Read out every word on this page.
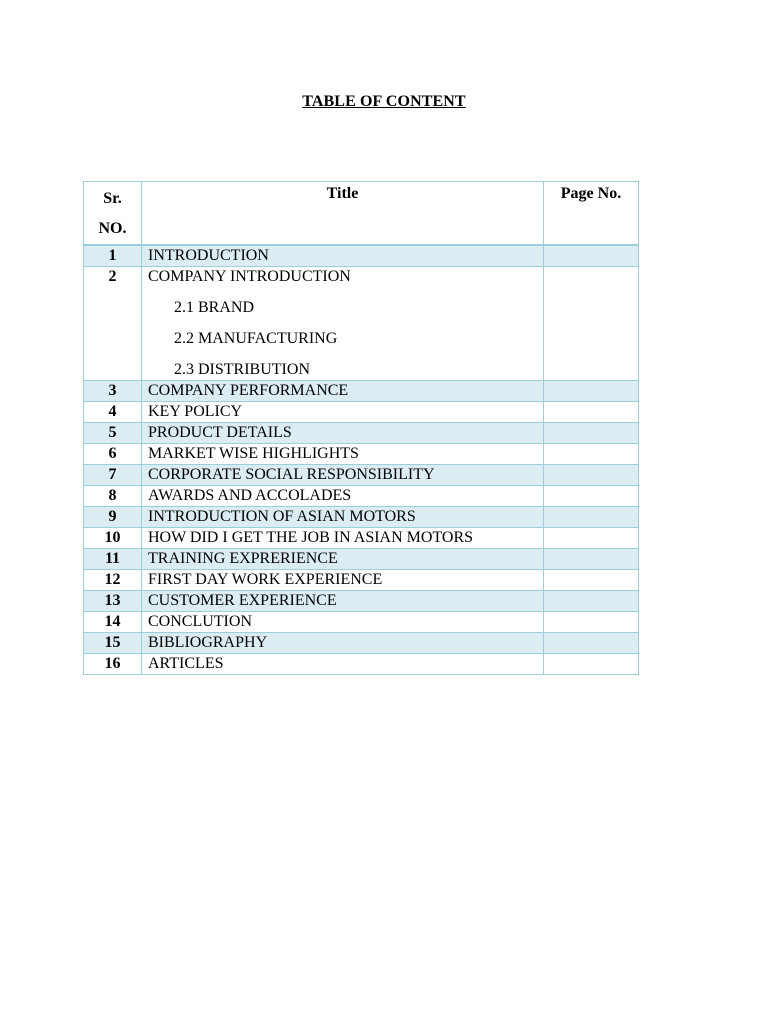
TABLE OF CONTENT
Sr.
NO.	Title	Page No.
1	INTRODUCTION	
2	COMPANY INTRODUCTION
2.1 BRAND
2.2 MANUFACTURING
2.3 DISTRIBUTION	

3	COMPANY PERFORMANCE	
4	KEY POLICY	
5	PRODUCT DETAILS	
6	MARKET WISE HIGHLIGHTS	
7	CORPORATE SOCIAL RESPONSIBILITY	
8	AWARDS AND ACCOLADES	
9	INTRODUCTION OF ASIAN MOTORS	
10	HOW DID I GET THE JOB IN ASIAN MOTORS	
11	TRAINING EXPRERIENCE	
12	FIRST DAY WORK EXPERIENCE	
13	CUSTOMER EXPERIENCE	
14	CONCLUTION	
15	BIBLIOGRAPHY	
16	ARTICLES	
